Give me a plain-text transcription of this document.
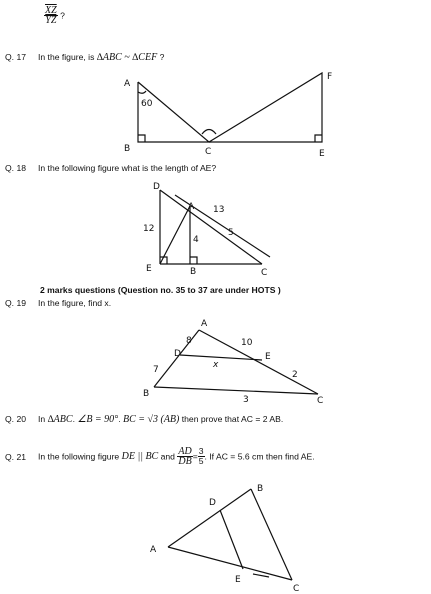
$\frac{\overline{XZ}}{YZ}$ ?
Q. 17 In the figure, is ∆ABC ~ ∆CEF ?
A
60
B	C	E
F
D
A
E	B	C
12
13
4
5
A
B
C
D	E
8	10
7	2
x
3
A
B
C
D
E
Q. 18 In the following figure what is the length of AE?
2 marks questions (Question no. 35 to 37 are under HOTS )
Q. 19 In the figure, find x.
Q. 20 In ∆ABC. ∠B = 90°. BC = √3 (AB) then prove that AC = 2 AB.
Q. 21 In the following figure DE || BC and $\frac{AD}{DB} = \frac{3}{5}$ . If AC = 5.6 cm then find AE.
